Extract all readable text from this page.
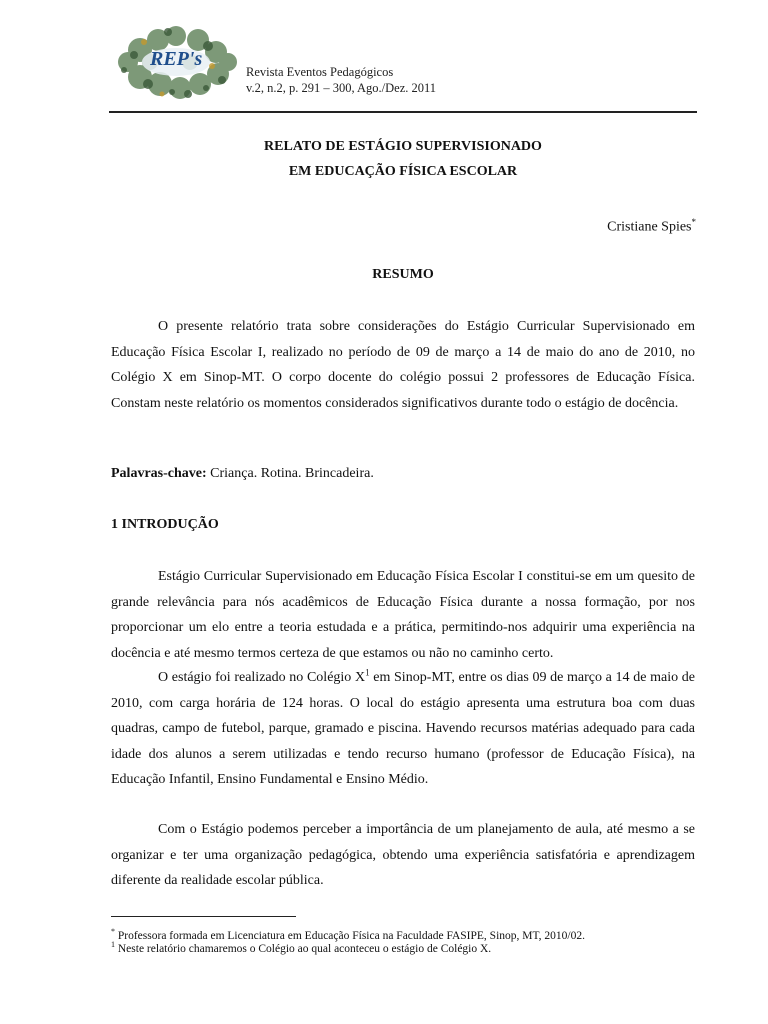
REP's
Revista Eventos Pedagógicos
v.2, n.2, p. 291 – 300, Ago./Dez. 2011
RELATO DE ESTÁGIO SUPERVISIONADO
EM EDUCAÇÃO FÍSICA ESCOLAR
Cristiane Spies*
RESUMO

O presente relatório trata sobre considerações do Estágio Curricular Supervisionado em Educação Física Escolar I, realizado no período de 09 de março a 14 de maio do ano de 2010, no Colégio X em Sinop-MT. O corpo docente do colégio possui 2 professores de Educação Física. Constam neste relatório os momentos considerados significativos durante todo o estágio de docência.

Palavras-chave: Criança. Rotina. Brincadeira.
1 INTRODUÇÃO

Estágio Curricular Supervisionado em Educação Física Escolar I constitui-se em um quesito de grande relevância para nós acadêmicos de Educação Física durante a nossa formação, por nos proporcionar um elo entre a teoria estudada e a prática, permitindo-nos adquirir uma experiência na docência e até mesmo termos certeza de que estamos ou não no caminho certo.

O estágio foi realizado no Colégio $X^1$ em Sinop-MT, entre os dias 09 de março a 14 de maio de 2010, com carga horária de 124 horas. O local do estágio apresenta uma estrutura boa com duas quadras, campo de futebol, parque, gramado e piscina. Havendo recursos matérias adequado para cada idade dos alunos a serem utilizadas e tendo recurso humano (professor de Educação Física), na Educação Infantil, Ensino Fundamental e Ensino Médio.

Com o Estágio podemos perceber a importância de um planejamento de aula, até mesmo a se organizar e ter uma organização pedagógica, obtendo uma experiência satisfatória e aprendizagem diferente da realidade escolar pública.

* Professora formada em Licenciatura em Educação Física na Faculdade FASIPE, Sinop, MT, 2010/02.
$^1$ Neste relatório chamaremos o Colégio ao qual aconteceu o estágio de Colégio X.
